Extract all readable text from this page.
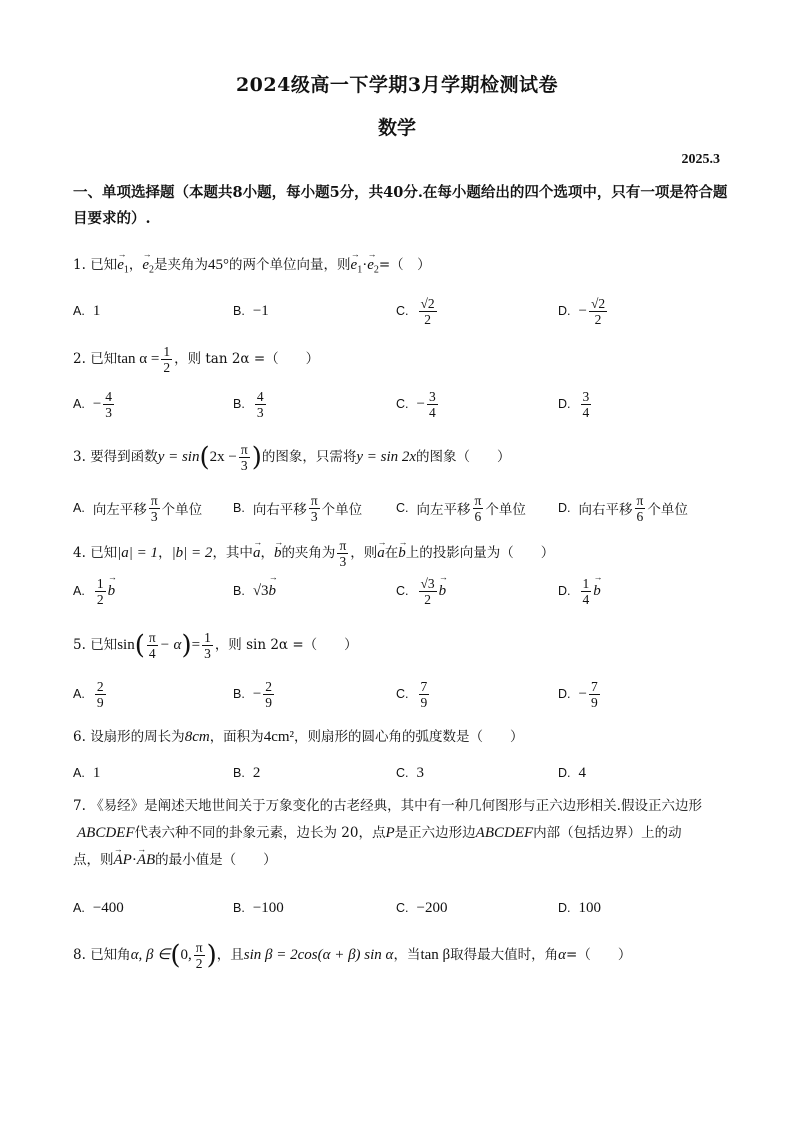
2024级高一下学期3月学期检测试卷
数学
2025.3
一、单项选择题（本题共8小题，每小题5分，共40分.在每小题给出的四个选项中，只有一项是符合题目要求的）.
1. 已知 → $e_1$， → $e_2$是夹角为45°的两个单位向量，则 → $e_1\cdot \to e_2=$（　）
A. 1	B. −1	C. $\frac{√2}{2}$	D. − $\frac{√2}{2}$
2. 已知$\tan \alpha = \frac{1}{2}$ ，则 tan 2α =（　　）
A. − $\frac{4}{3}$	B. $\frac{4}{3}$	C. − $\frac{3}{4}$	D. $\frac{3}{4}$
3. 要得到函数$y = \sin(2x - \frac{\pi}{3}$ )的图象，只需将y = sin 2x的图象（　　）
A. 向左平移 $\frac{\pi}{3}$ 个单位 B. 向右平移 $\frac{\pi}{3}$ 个单位	C. 向左平移 $\frac{\pi}{6}$ 个单位	D. 向右平移 $\frac{\pi}{6}$ 个单位
4. 已知|a| = 1，|b| = 2，其中 → a， → b的夹角为 $\frac{\pi}{3}$ ，则 → a在 → b上的投影向量为（　　）
A. $\frac{1}{2}$
→ b	B. √3
→ b	C. $\frac{√3}{2}$
→ b	D. $\frac{1}{4}$
→ b
5. 已知$\sin( \frac{\pi}{4} - \alpha)= \frac{1}{3}$ ，则 sin 2α =（　　）
A. $\frac{2}{9}$	B. − $\frac{2}{9}$	C. $\frac{7}{9}$	D. − $\frac{7}{9}$
6. 设扇形的周长为8cm，面积为4cm²，则扇形的圆心角的弧度数是（　　）
A. 1	B. 2	C. 3	D. 4
7. 《易经》是阐述天地世间关于万象变化的古老经典，其中有一种几何图形与正六边形相关.假设正六边形
ABCDEF代表六种不同的卦象元素，边长为 20，点P是正六边形边ABCDEF内部（包括边界）上的动
点，则 → AP· → AB的最小值是（　　）
A. −400	B. −100	C. −200	D. 100
8. 已知角α, β ∈(0, $\frac{\pi}{2}$ )，且sin β = 2cos(α + β) sin α，当tan β取得最大值时，角α=（　　）
